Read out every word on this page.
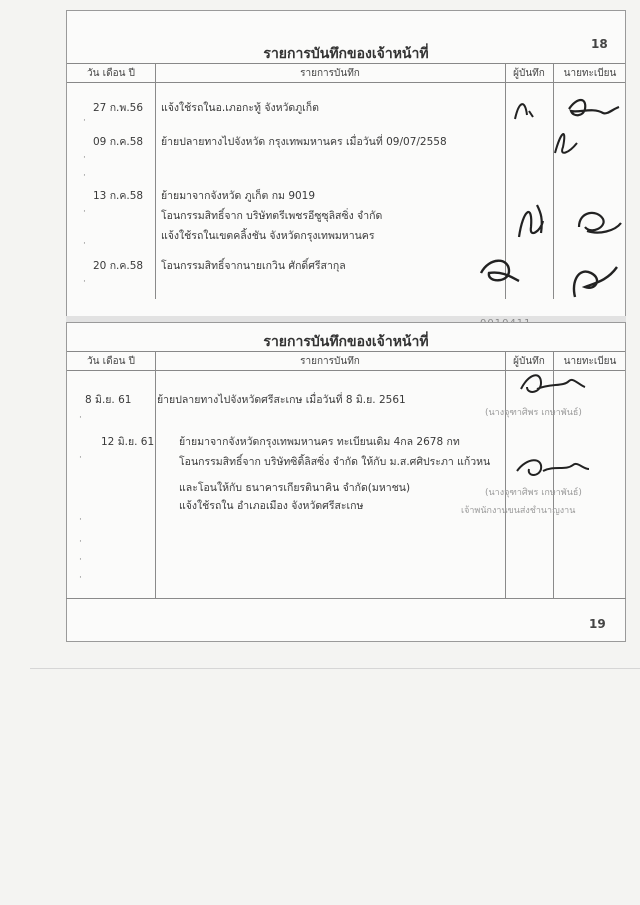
18
รายการบันทึกของเจ้าหน้าที่
วัน เดือน ปี	รายการบันทึก	ผู้บันทึก	นายทะเบียน
27 ก.พ.56 แจ้งใช้รถในอ.เภอกะทู้ จังหวัดภูเก็ต
09 ก.ค.58 ย้ายปลายทางไปจังหวัด กรุงเทพมหานคร เมื่อวันที่ 09/07/2558
13 ก.ค.58 ย้ายมาจากจังหวัด ภูเก็ต กม 9019
โอนกรรมสิทธิ์จาก บริษัทตรีเพชรอีซูซุลิสซิ่ง จำกัด
แจ้งใช้รถในเขตคลิ้งชัน จังหวัดกรุงเทพมหานคร
20 ก.ค.58 โอนกรรมสิทธิ์จากนายเกวิน ศักดิ์ศรีสากุล
·
·
·
·
·
·
รายการบันทึกของเจ้าหน้าที่
วัน เดือน ปี	รายการบันทึก	ผู้บันทึก	นายทะเบียน
8 มิ.ย. 61 ย้ายปลายทางไปจังหวัดศรีสะเกษ เมื่อวันที่ 8 มิ.ย. 2561
12 มิ.ย. 61 ย้ายมาจากจังหวัดกรุงเทพมหานคร ทะเบียนเดิม 4กล 2678 กท
โอนกรรมสิทธิ์จาก บริษัทซิติ้ลิสซิ่ง จำกัด ให้กับ ม.ส.ศศิประภา แก้วหน
และโอนให้กับ ธนาคารเกียรตินาคิน จำกัด(มหาชน)
แจ้งใช้รถใน อำเภอเมือง จังหวัดศรีสะเกษ
(นางจุฑาศิพร เกษาพันธ์)
(นางจุฑาศิพร เกษาพันธ์)
เจ้าพนักงานขนส่งชำนาญงาน
·
·
·
·
·
·
19
